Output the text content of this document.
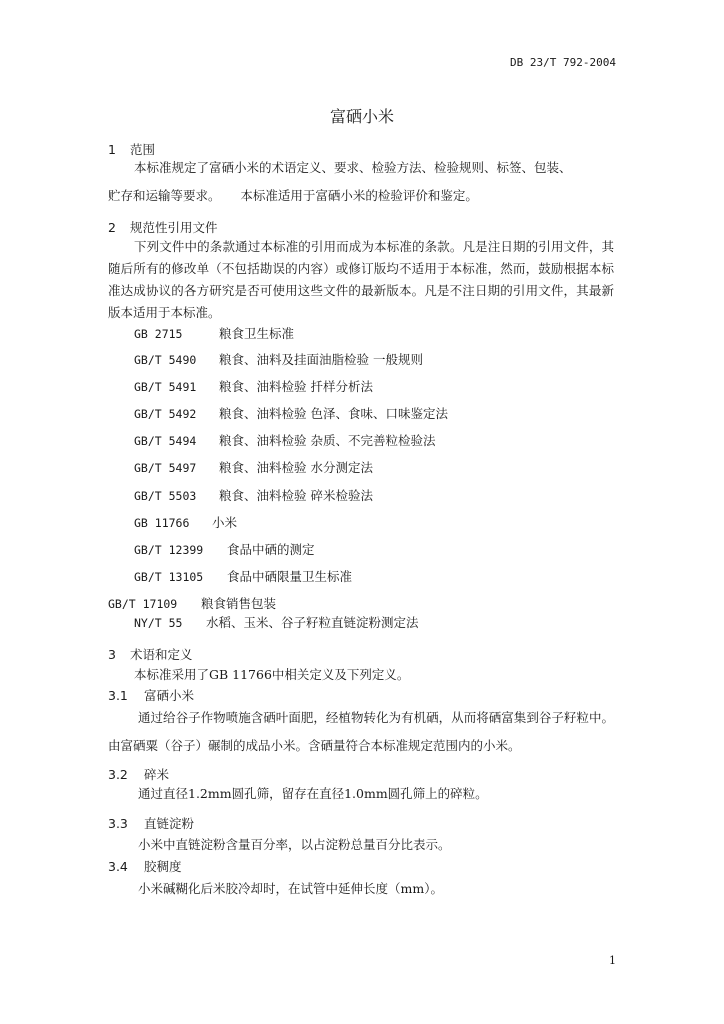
DB 23/T 792-2004
富硒小米
1 范围
本标准规定了富硒小米的术语定义、要求、检验方法、检验规则、标签、包装、
贮存和运输等要求。     本标准适用于富硒小米的检验评价和鉴定。
2 规范性引用文件
下列文件中的条款通过本标准的引用而成为本标准的条款。凡是注日期的引用文件，其随后所有的修改单（不包括勘误的内容）或修订版均不适用于本标准，然而，鼓励根据本标准达成协议的各方研究是否可使用这些文件的最新版本。凡是不注日期的引用文件，其最新版本适用于本标准。
GB 2715	粮食卫生标准
GB/T 5490 粮食、油料及挂面油脂检验 一般规则
GB/T 5491 粮食、油料检验 扦样分析法
GB/T 5492 粮食、油料检验 色泽、食味、口味鉴定法
GB/T 5494 粮食、油料检验 杂质、不完善粒检验法
GB/T 5497 粮食、油料检验 水分测定法
GB/T 5503 粮食、油料检验 碎米检验法
GB 11766 小米
GB/T 12399 食品中硒的测定
GB/T 13105 食品中硒限量卫生标准
GB/T 17109 粮食销售包装
NY/T 55 水稻、玉米、谷子籽粒直链淀粉测定法
3 术语和定义
本标准采用了GB 11766中相关定义及下列定义。
3.1 富硒小米
通过给谷子作物喷施含硒叶面肥，经植物转化为有机硒，从而将硒富集到谷子籽粒中。由富硒粟（谷子）碾制的成品小米。含硒量符合本标准规定范围内的小米。
3.2 碎米
通过直径1.2mm圆孔筛，留存在直径1.0mm圆孔筛上的碎粒。
3.3 直链淀粉
小米中直链淀粉含量百分率，以占淀粉总量百分比表示。
3.4 胶稠度
小米碱糊化后米胶冷却时，在试管中延伸长度（mm）。
1
